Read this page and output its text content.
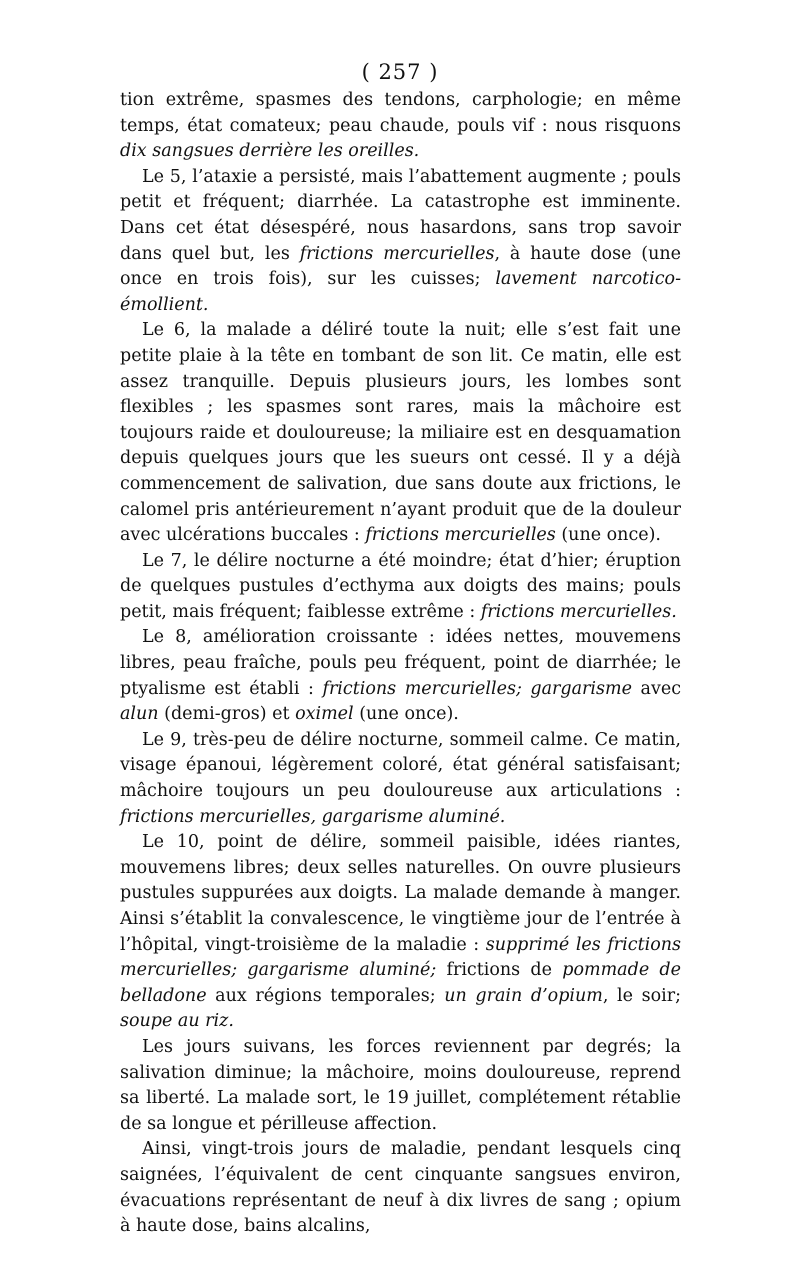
( 257 )

tion extrême, spasmes des tendons, carphologie; en même temps, état comateux; peau chaude, pouls vif : nous risquons dix sangsues derrière les oreilles.

Le 5, l’ataxie a persisté, mais l’abattement augmente ; pouls petit et fréquent; diarrhée. La catastrophe est imminente. Dans cet état désespéré, nous hasardons, sans trop savoir dans quel but, les frictions mercurielles, à haute dose (une once en trois fois), sur les cuisses; lavement narcotico-émollient.

Le 6, la malade a déliré toute la nuit; elle s’est fait une petite plaie à la tête en tombant de son lit. Ce matin, elle est assez tranquille. Depuis plusieurs jours, les lombes sont flexibles ; les spasmes sont rares, mais la mâchoire est toujours raide et douloureuse; la miliaire est en desquamation depuis quelques jours que les sueurs ont cessé. Il y a déjà commencement de salivation, due sans doute aux frictions, le calomel pris antérieurement n’ayant produit que de la douleur avec ulcérations buccales : frictions mercurielles (une once).

Le 7, le délire nocturne a été moindre; état d’hier; éruption de quelques pustules d’ecthyma aux doigts des mains; pouls petit, mais fréquent; faiblesse extrême : frictions mercurielles.

Le 8, amélioration croissante : idées nettes, mouvemens libres, peau fraîche, pouls peu fréquent, point de diarrhée; le ptyalisme est établi : frictions mercurielles; gargarisme avec alun (demi-gros) et oximel (une once).

Le 9, très-peu de délire nocturne, sommeil calme. Ce matin, visage épanoui, légèrement coloré, état général satisfaisant; mâchoire toujours un peu douloureuse aux articulations : frictions mercurielles, gargarisme aluminé.

Le 10, point de délire, sommeil paisible, idées riantes, mouvemens libres; deux selles naturelles. On ouvre plusieurs pustules suppurées aux doigts. La malade demande à manger. Ainsi s’établit la convalescence, le vingtième jour de l’entrée à l’hôpital, vingt-troisième de la maladie : supprimé les frictions mercurielles; gargarisme aluminé; frictions de pommade de belladone aux régions temporales; un grain d’opium, le soir; soupe au riz.

Les jours suivans, les forces reviennent par degrés; la salivation diminue; la mâchoire, moins douloureuse, reprend sa liberté. La malade sort, le 19 juillet, complétement rétablie de sa longue et périlleuse affection.

Ainsi, vingt-trois jours de maladie, pendant lesquels cinq saignées, l’équivalent de cent cinquante sangsues environ, évacuations représentant de neuf à dix livres de sang ; opium à haute dose, bains alcalins,
